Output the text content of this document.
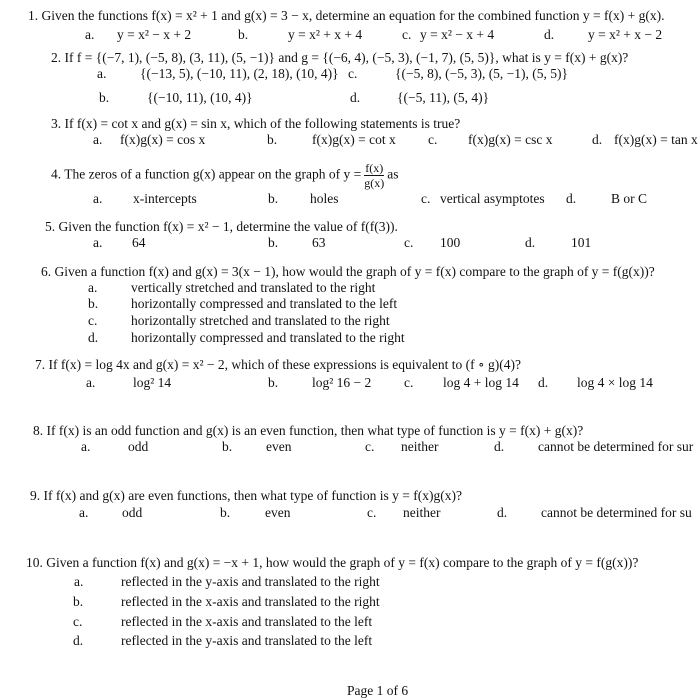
1. Given the functions f(x) = x² + 1 and g(x) = 3 − x, determine an equation for the combined function y = f(x) + g(x).
a. y = x² − x + 2	b.	y = x² + x + 4	c. y = x² − x + 4	d.	y = x² + x − 2
2. If f = {(−7, 1), (−5, 8), (3, 11), (5, −1)} and g = {(−6, 4), (−5, 3), (−1, 7), (5, 5)}, what is y = f(x) + g(x)?
a. {(−13, 5), (−10, 11), (2, 18), (10, 4)}
b.	{(−10, 11), (10, 4)}
c.	{(−5, 8), (−5, 3), (5, −1), (5, 5)}
d.	{(−5, 11), (5, 4)}
3. If f(x) = cot x and g(x) = sin x, which of the following statements is true?
a. f(x)g(x) = cos x	b.	f(x)g(x) = cot x c. f(x)g(x) = csc x	d. f(x)g(x) = tan x
4. The zeros of a function g(x) appear on the graph of $y = \frac{f(x)}{g(x)}$ as
a. x-intercepts	b. holes	c. vertical asymptotes d.	B or C
5. Given the function f(x) = x² − 1, determine the value of f(f(3)).
a. 64	b.	63	c. 100	d.	101
6. Given a function f(x) and g(x) = 3(x − 1), how would the graph of y = f(x) compare to the graph of y = f(g(x))?
a. vertically stretched and translated to the right
b. horizontally compressed and translated to the left
c. horizontally stretched and translated to the right
d. horizontally compressed and translated to the right
7. If f(x) = log 4x and g(x) = x² − 2, which of these expressions is equivalent to (f ∘ g)(4)?
a.	log² 14	b.	log² 16 − 2 c. log 4 + log 14 d. log 4 × log 14
8. If f(x) is an odd function and g(x) is an even function, then what type of function is y = f(x) + g(x)?
a.	odd	b.	even	c. neither	d.	cannot be determined for sur
9. If f(x) and g(x) are even functions, then what type of function is y = f(x)g(x)?
a. odd	b.	even	c. neither	d.	cannot be determined for su
10. Given a function f(x) and g(x) = −x + 1, how would the graph of y = f(x) compare to the graph of y = f(g(x))?
a.	reflected in the y-axis and translated to the right
b.	reflected in the x-axis and translated to the right
c.	reflected in the x-axis and translated to the left
d.	reflected in the y-axis and translated to the left
Page 1 of 6
